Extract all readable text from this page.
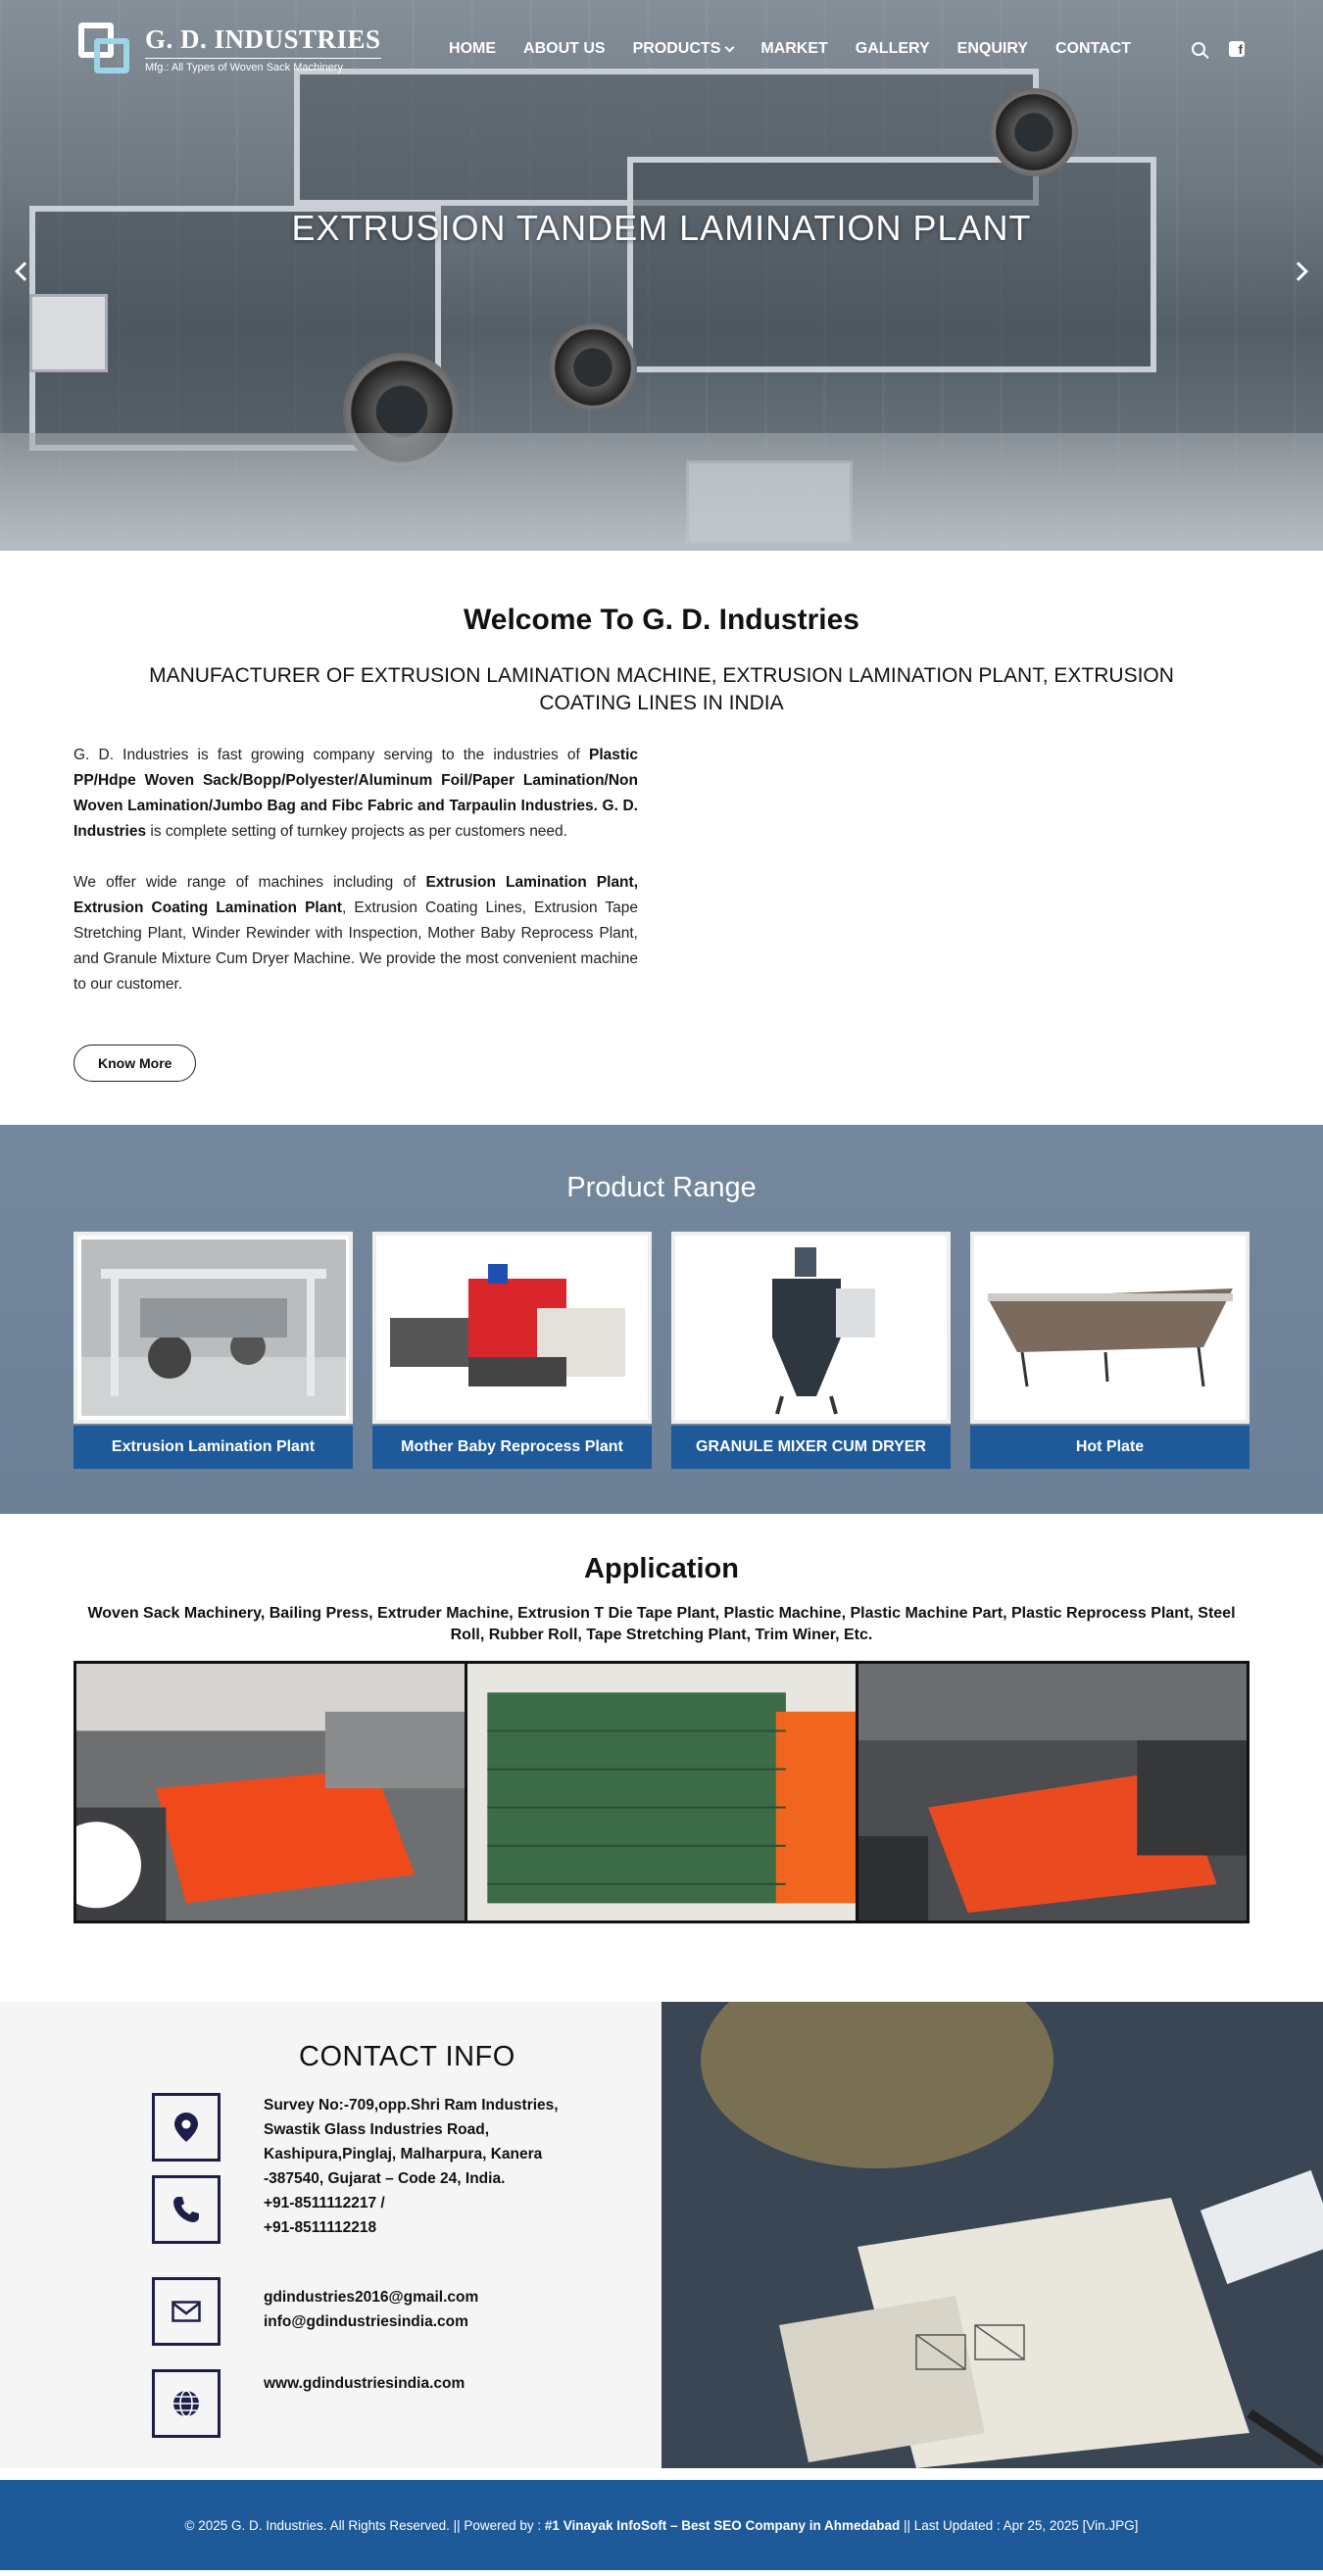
G. D. INDUSTRIES
Mfg.: All Types of Woven Sack Machinery
HOME ABOUT US PRODUCTS	MARKET GALLERY ENQUIRY CONTACT	f
EXTRUSION TANDEM LAMINATION PLANT
Welcome To G. D. Industries
MANUFACTURER OF EXTRUSION LAMINATION MACHINE, EXTRUSION LAMINATION PLANT, EXTRUSION COATING LINES IN INDIA

G. D. Industries is fast growing company serving to the industries of Plastic PP/Hdpe Woven Sack/Bopp/Polyester/Aluminum Foil/Paper Lamination/Non Woven Lamination/Jumbo Bag and Fibc Fabric and Tarpaulin Industries. G. D. Industries is complete setting of turnkey projects as per customers need.

We offer wide range of machines including of Extrusion Lamination Plant, Extrusion Coating Lamination Plant, Extrusion Coating Lines, Extrusion Tape Stretching Plant, Winder Rewinder with Inspection, Mother Baby Reprocess Plant, and Granule Mixture Cum Dryer Machine. We provide the most convenient machine to our customer.

Know More
Product Range
Extrusion Lamination Plant	Mother Baby Reprocess Plant	GRANULE MIXER CUM DRYER	Hot Plate
Application
Woven Sack Machinery, Bailing Press, Extruder Machine, Extrusion T Die Tape Plant, Plastic Machine, Plastic Machine Part, Plastic Reprocess Plant, Steel Roll, Rubber Roll, Tape Stretching Plant, Trim Winer, Etc.
CONTACT INFO
Survey No:-709,opp.Shri Ram Industries,
Swastik Glass Industries Road,
Kashipura,Pinglaj, Malharpura, Kanera
-387540, Gujarat – Code 24, India.
+91-8511112217 /
+91-8511112218
gdindustries2016@gmail.com
info@gdindustriesindia.com
www.gdindustriesindia.com
© 2025 G. D. Industries. All Rights Reserved. || Powered by : #1 Vinayak InfoSoft – Best SEO Company in Ahmedabad || Last Updated : Apr 25, 2025 [Vin.JPG]
